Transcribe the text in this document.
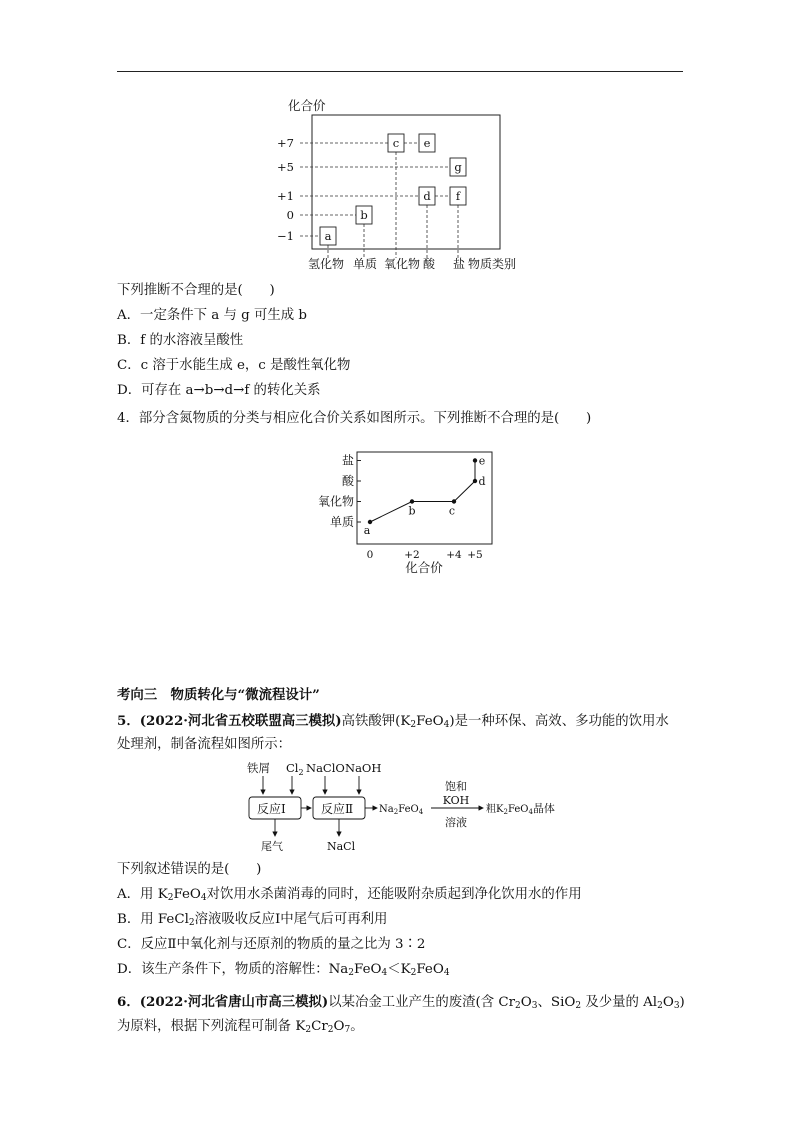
化合价
+7
+5
+1
0
−1	a
b
c e
d
g
f
氢化物 单质 氧化物 酸 盐 物质类别
下列推断不合理的是(　　)
A．一定条件下 a 与 g 可生成 b
B．f 的水溶液呈酸性
C．c 溶于水能生成 e，c 是酸性氧化物
D．可存在 a→b→d→f 的转化关系
4．部分含氮物质的分类与相应化合价关系如图所示。下列推断不合理的是(　　)
单质
氧化物
酸
盐
0	+2	+4 +5
a
b	c
d
e
化合价
考向三　物质转化与“微流程设计”
5．(2022·河北省五校联盟高三模拟)高铁酸钾$(K_2FeO_4)$是一种环保、高效、多功能的饮用水
处理剂，制备流程如图所示：
铁屑 $Cl_2$ NaClO NaOH
反应Ⅰ	反应Ⅱ
尾气	NaCl
$Na_2FeO_4$
饱和
KOH
溶液
粗$K_2FeO_4$晶体
下列叙述错误的是(　　)
A．用 $K_2FeO_4$对饮用水杀菌消毒的同时，还能吸附杂质起到净化饮用水的作用
B．用 FeCl$_2$溶液吸收反应Ⅰ中尾气后可再利用
C．反应Ⅱ中氧化剂与还原剂的物质的量之比为 3∶2
D．该生产条件下，物质的溶解性：$Na_2FeO_4<K_2FeO_4$
6．(2022·河北省唐山市高三模拟)以某冶金工业产生的废渣(含 $Cr_2O_3$、SiO$_2$ 及少量的 $Al_2O_3$)
为原料，根据下列流程可制备 $K_2Cr_2O_7$。
